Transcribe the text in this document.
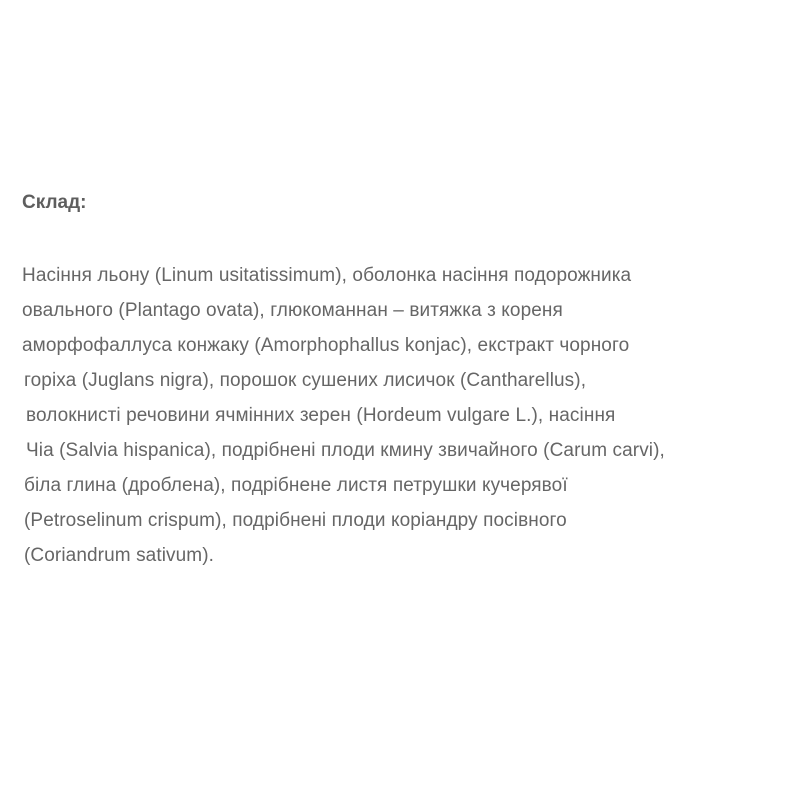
Склад:

Насіння льону (Linum usitatissimum), оболонка насіння подорожника
овального (Plantago ovata), глюкоманнан – витяжка з кореня
аморфофаллуса конжаку (Amorphophallus konjac), екстракт чорного
горіха (Juglans nigra), порошок сушених лисичок (Cantharellus),
волокнисті речовини ячмінних зерен (Hordeum vulgare L.), насіння
Чіа (Salvia hispanica), подрібнені плоди кмину звичайного (Carum carvi),
біла глина (дроблена), подрібнене листя петрушки кучерявої
(Petroselinum crispum), подрібнені плоди коріандру посівного
(Coriandrum sativum).
